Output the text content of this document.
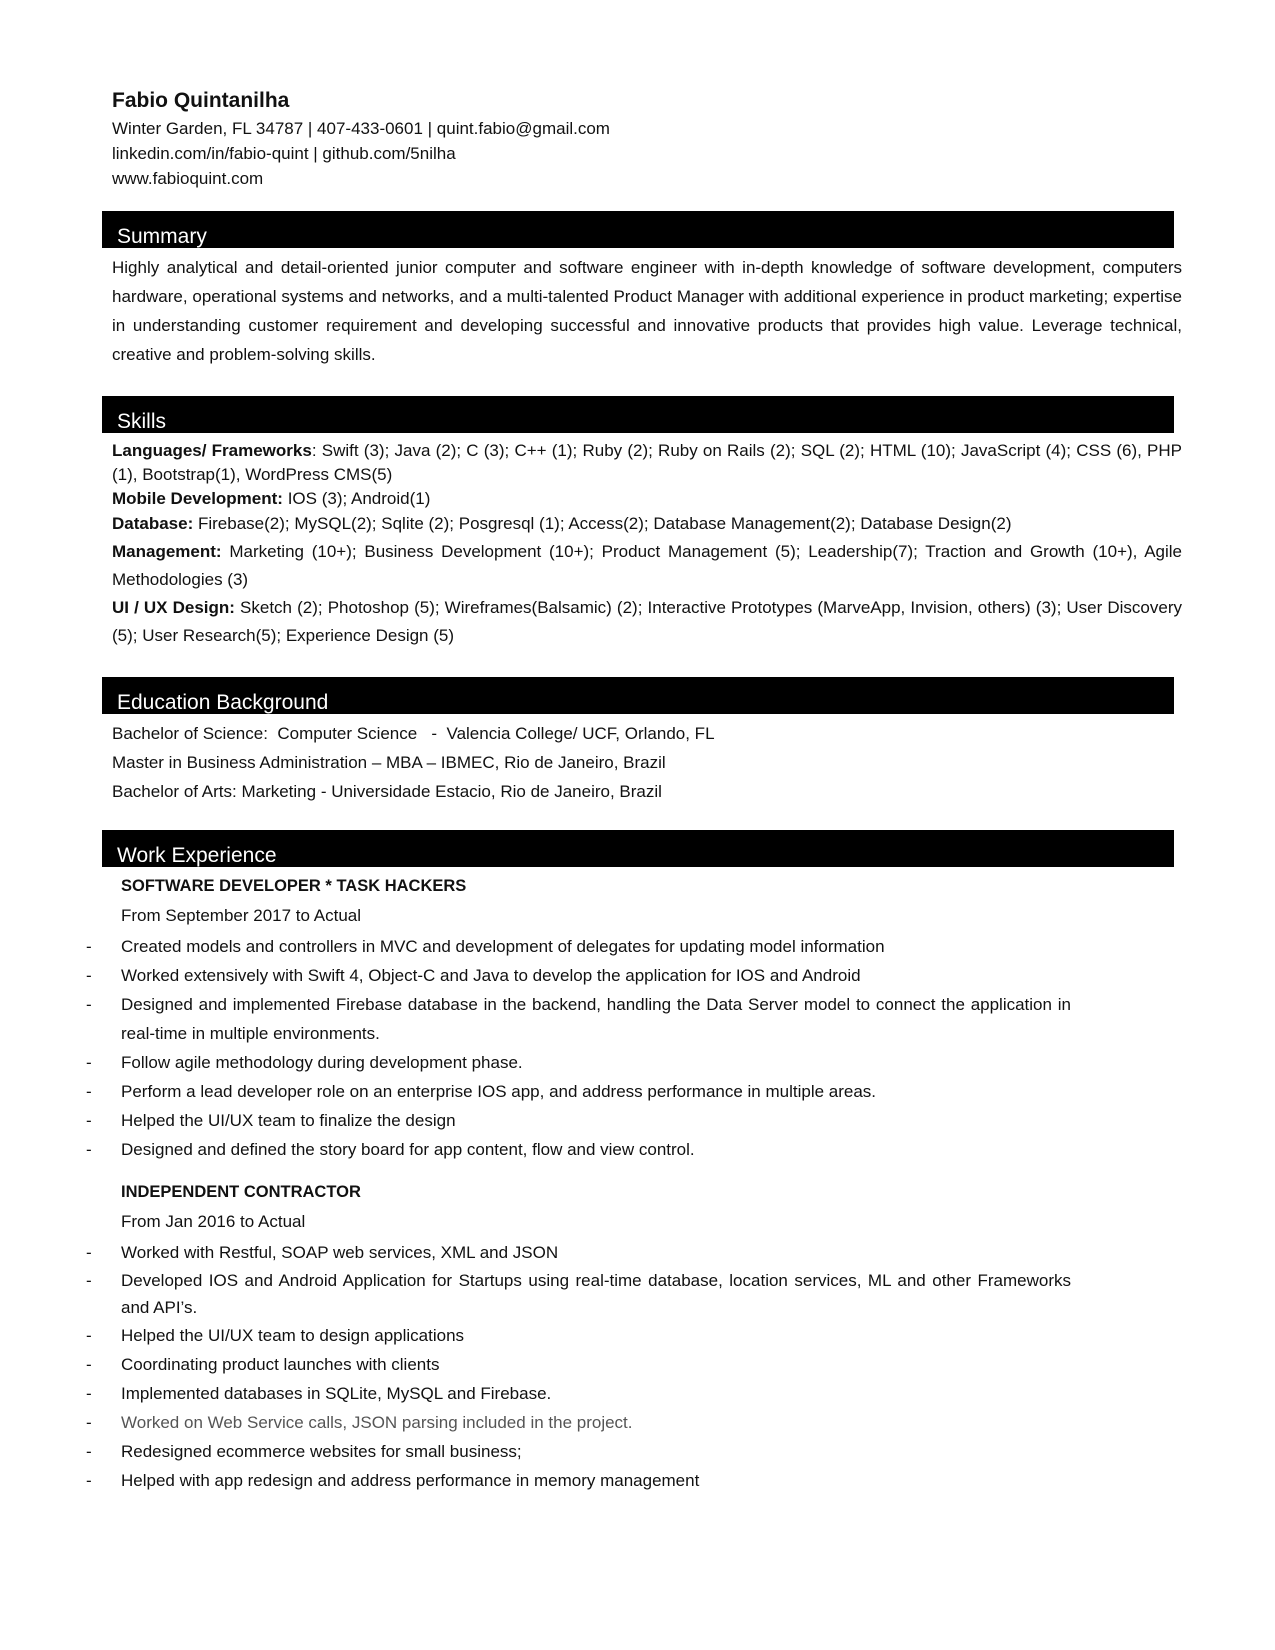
Fabio Quintanilha

Winter Garden, FL 34787 | 407-433-0601 | quint.fabio@gmail.com

linkedin.com/in/fabio-quint | github.com/5nilha

www.fabioquint.com

Summary

Highly analytical and detail-oriented junior computer and software engineer with in-depth knowledge of software development, computers hardware, operational systems and networks, and a multi-talented Product Manager with additional experience in product marketing; expertise in understanding customer requirement and developing successful and innovative products that provides high value. Leverage technical, creative and problem-solving skills.

Skills

Languages/ Frameworks: Swift (3); Java (2); C (3); C++ (1); Ruby (2); Ruby on Rails (2); SQL (2); HTML (10); JavaScript (4); CSS (6), PHP (1), Bootstrap(1), WordPress CMS(5)

Mobile Development: IOS (3); Android(1)

Database: Firebase(2); MySQL(2); Sqlite (2); Posgresql (1); Access(2); Database Management(2); Database Design(2)

Management: Marketing (10+); Business Development (10+); Product Management (5); Leadership(7); Traction and Growth (10+), Agile Methodologies (3)

UI / UX Design: Sketch (2); Photoshop (5); Wireframes(Balsamic) (2); Interactive Prototypes (MarveApp, Invision, others) (3); User Discovery (5); User Research(5); Experience Design (5)

Education Background

Bachelor of Science:  Computer Science   -  Valencia College/ UCF, Orlando, FL

Master in Business Administration – MBA – IBMEC, Rio de Janeiro, Brazil

Bachelor of Arts: Marketing - Universidade Estacio, Rio de Janeiro, Brazil

Work Experience
SOFTWARE DEVELOPER * TASK HACKERS
From September 2017 to Actual
- Created models and controllers in MVC and development of delegates for updating model information
- Worked extensively with Swift 4, Object-C and Java to develop the application for IOS and Android
- Designed and implemented Firebase database in the backend, handling the Data Server model to connect the application in real-time in multiple environments.
- Follow agile methodology during development phase.
- Perform a lead developer role on an enterprise IOS app, and address performance in multiple areas.
- Helped the UI/UX team to finalize the design
- Designed and defined the story board for app content, flow and view control.
INDEPENDENT CONTRACTOR
From Jan 2016 to Actual
- Worked with Restful, SOAP web services, XML and JSON
- Developed IOS and Android Application for Startups using real-time database, location services, ML and other Frameworks and API’s.
- Helped the UI/UX team to design applications
- Coordinating product launches with clients
- Implemented databases in SQLite, MySQL and Firebase.
- Worked on Web Service calls, JSON parsing included in the project.
- Redesigned ecommerce websites for small business;
- Helped with app redesign and address performance in memory management
